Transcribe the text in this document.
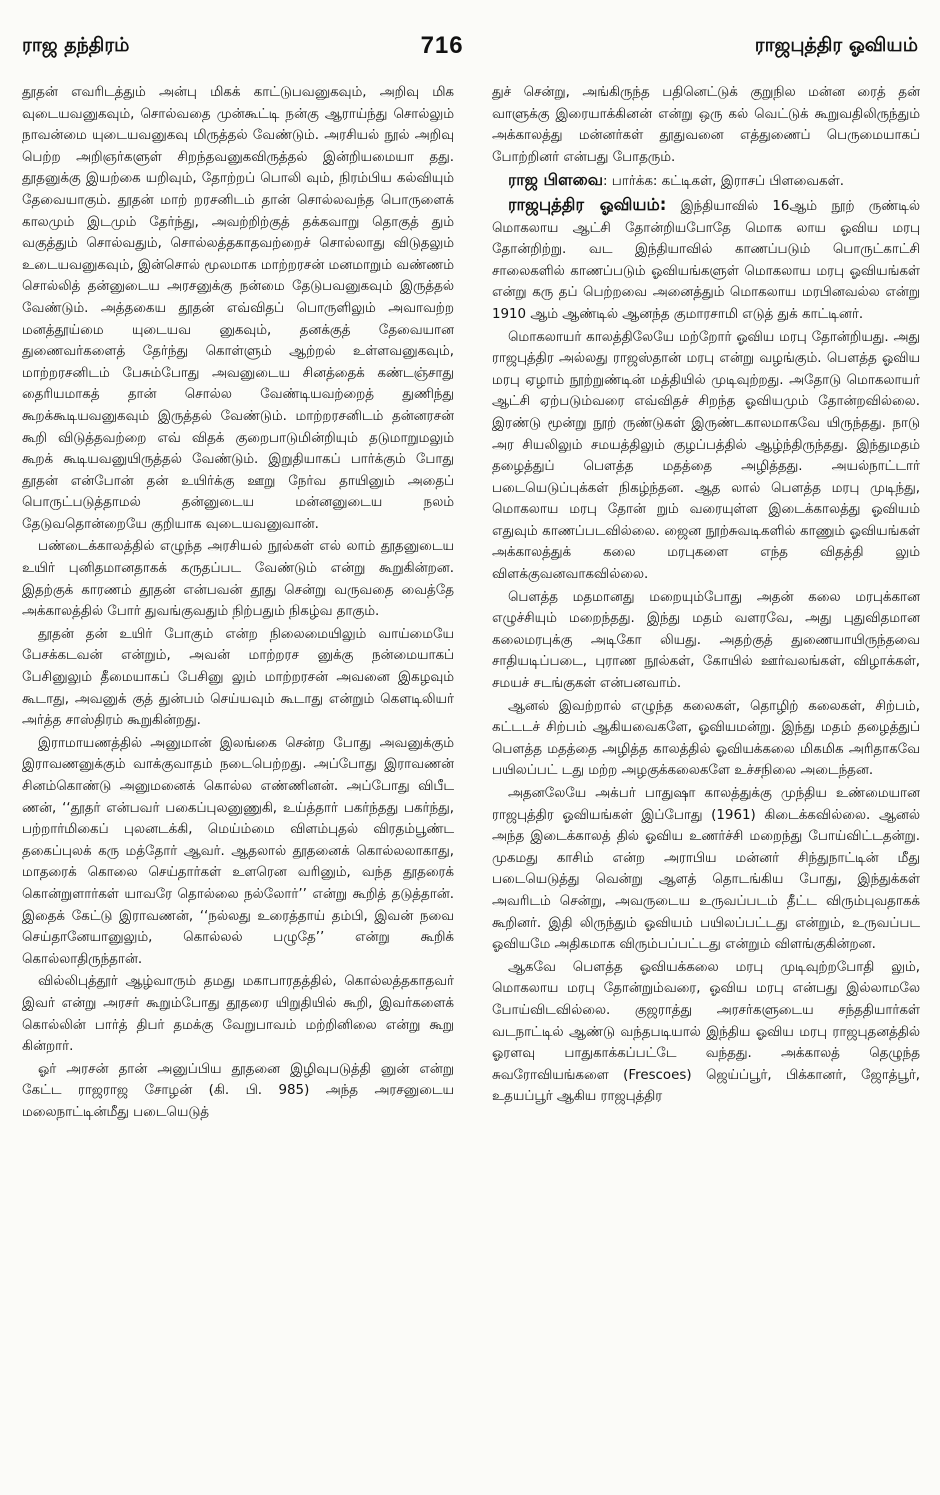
ராஜ தந்திரம்	716	ராஜபுத்திர ஓவியம்

தூதன் எவரிடத்தும் அன்பு மிகக் காட்டுபவனுகவும், அறிவு மிக வுடையவனுகவும், சொல்வதை முன்கூட்டி நன்கு ஆராய்ந்து சொல்லும் நாவன்மை யுடையவனுகவு மிருத்தல் வேண்டும். அரசியல் நூல் அறிவு பெற்ற அறிஞர்களுள் சிறந்தவனுகவிருத்தல் இன்றியமையா தது. தூதனுக்கு இயற்கை யறிவும், தோற்றப் பொலி வும், நிரம்பிய கல்வியும் தேவையாகும். தூதன் மாற் றரசனிடம் தான் சொல்லவந்த பொருளைக் காலமும் இடமும் தேர்ந்து, அவற்றிற்குத் தக்கவாறு தொகுத் தும் வகுத்தும் சொல்வதும், சொல்லத்தகாதவற்றைச் சொல்லாது விடுதலும் உடையவனுகவும், இன்சொல் மூலமாக மாற்றரசன் மனமாறும் வண்ணம் சொல்லித் தன்னுடைய அரசனுக்கு நன்மை தேடுபவனுகவும் இருத்தல் வேண்டும். அத்தகைய தூதன் எவ்விதப் பொருளிலும் அவாவற்ற மனத்தூய்மை யுடையவ னுகவும், தனக்குத் தேவையான துணைவர்களைத் தேர்ந்து கொள்ளும் ஆற்றல் உள்ளவனுகவும், மாற்றரசனிடம் பேசும்போது அவனுடைய சினத்தைக் கண்டஞ்சாது தைரியமாகத் தான் சொல்ல வேண்டியவற்றைத் துணிந்து கூறக்கூடியவனுகவும் இருத்தல் வேண்டும். மாற்றரசனிடம் தன்னரசன் கூறி விடுத்தவற்றை எவ் விதக் குறைபாடுமின்றியும் தடுமாறுமலும் கூறக் கூடியவனுயிருத்தல் வேண்டும். இறுதியாகப் பார்க்கும் போது தூதன் என்போன் தன் உயிர்க்கு ஊறு நேர்வ தாயினும் அதைப் பொருட்படுத்தாமல் தன்னுடைய மன்னனுடைய நலம் தேடுவதொன்றையே குறியாக வுடையவனுவான்.

பண்டைக்காலத்தில் எழுந்த அரசியல் நூல்கள் எல் லாம் தூதனுடைய உயிர் புனிதமானதாகக் கருதப்பட வேண்டும் என்று கூறுகின்றன. இதற்குக் காரணம் தூதன் என்பவன் தூது சென்று வருவதை வைத்தே அக்காலத்தில் போர் துவங்குவதும் நிற்பதும் நிகழ்வ தாகும்.

தூதன் தன் உயிர் போகும் என்ற நிலைமையிலும் வாய்மையே பேசக்கடவன் என்றும், அவன் மாற்றரச னுக்கு நன்மையாகப் பேசினுலும் தீமையாகப் பேசினு லும் மாற்றரசன் அவனை இகழவும் கூடாது, அவனுக் குத் துன்பம் செய்யவும் கூடாது என்றும் கௌடிலியர் அர்த்த சாஸ்திரம் கூறுகின்றது.

இராமாயணத்தில் அனுமான் இலங்கை சென்ற போது அவனுக்கும் இராவணனுக்கும் வாக்குவாதம் நடைபெற்றது. அப்போது இராவணன் சினம்கொண்டு அனுமனைக் கொல்ல எண்ணினன். அப்போது விபீட ணன், ‘‘தூதர் என்பவர் பகைப்புலனுணுகி, உய்த்தார் பகர்ந்தது பகர்ந்து, பற்றார்மிகைப் புலனடக்கி, மெய்ம்மை விளம்புதல் விரதம்பூண்ட தகைப்புலக் கரு மத்தோர் ஆவர். ஆதலால் தூதனைக் கொல்லலாகாது, மாதரைக் கொலை செய்தார்கள் உளரென வரினும், வந்த தூதரைக் கொன்றுளார்கள் யாவரே தொல்லை நல்லோர்’’ என்று கூறித் தடுத்தான். இதைக் கேட்டு இராவணன், ‘‘நல்லது உரைத்தாய் தம்பி, இவன் நவை செய்தானேயானுலும், கொல்லல் பழுதே’’ என்று கூறிக் கொல்லாதிருந்தான்.

வில்லிபுத்தூர் ஆழ்வாரும் தமது மகாபாரதத்தில், கொல்லத்தகாதவர் இவர் என்று அரசர் கூறும்போது தூதரை யிறுதியில் கூறி, இவர்களைக் கொல்லின் பார்த் திபர் தமக்கு வேறுபாவம் மற்றினிலை என்று கூறு கின்றார்.

ஓர் அரசன் தான் அனுப்பிய தூதனை இழிவுபடுத்தி னுன் என்று கேட்ட ராஜராஜ சோழன் (கி. பி. 985) அந்த அரசனுடைய மலைநாட்டின்மீது படையெடுத்

துச் சென்று, அங்கிருந்த பதினெட்டுக் குறுநில மன்ன ரைத் தன் வாளுக்கு இரையாக்கினன் என்று ஒரு கல் வெட்டுக் கூறுவதிலிருந்தும் அக்காலத்து மன்னர்கள் தூதுவனை எத்துணைப் பெருமையாகப் போற்றினர் என்பது போதரும்.

ராஜ பிளவை: பார்க்க: கட்டிகள், இராசப் பிளவைகள்.

ராஜபுத்திர ஓவியம்: இந்தியாவில் 16ஆம் நூற் ருண்டில் மொகலாய ஆட்சி தோன்றியபோதே மொக லாய ஓவிய மரபு தோன்றிற்று. வட இந்தியாவில் காணப்படும் பொருட்காட்சி சாலைகளில் காணப்படும் ஓவியங்களுள் மொகலாய மரபு ஓவியங்கள் என்று கரு தப் பெற்றவை அனைத்தும் மொகலாய மரபினவல்ல என்று 1910 ஆம் ஆண்டில் ஆனந்த குமாரசாமி எடுத் துக் காட்டினர்.

மொகலாயர் காலத்திலேயே மற்றோர் ஓவிய மரபு தோன்றியது. அது ராஜபுத்திர அல்லது ராஜஸ்தான் மரபு என்று வழங்கும். பௌத்த ஓவிய மரபு ஏழாம் நூற்றுண்டின் மத்தியில் முடிவுற்றது. அதோடு மொகலாயர் ஆட்சி ஏற்படும்வரை எவ்விதச் சிறந்த ஓவியமும் தோன்றவில்லை. இரண்டு மூன்று நூற் ருண்டுகள் இருண்டகாலமாகவே யிருந்தது. நாடு அர சியலிலும் சமயத்திலும் குழப்பத்தில் ஆழ்ந்திருந்தது. இந்துமதம் தழைத்துப் பௌத்த மதத்தை அழித்தது. அயல்நாட்டார் படையெடுப்புக்கள் நிகழ்ந்தன. ஆத லால் பௌத்த மரபு முடிந்து, மொகலாய மரபு தோன் றும் வரையுள்ள இடைக்காலத்து ஓவியம் எதுவும் காணப்படவில்லை. ஜைன நூற்சுவடிகளில் காணும் ஓவியங்கள் அக்காலத்துக் கலை மரபுகளை எந்த விதத்தி லும் விளக்குவனவாகவில்லை.

பௌத்த மதமானது மறையும்போது அதன் கலை மரபுக்கான எழுச்சியும் மறைந்தது. இந்து மதம் வளரவே, அது புதுவிதமான கலைமரபுக்கு அடிகோ லியது. அதற்குத் துணையாயிருந்தவை சாதியடிப்படை, புராண நூல்கள், கோயில் ஊர்வலங்கள், விழாக்கள், சமயச் சடங்குகள் என்பனவாம்.

ஆனல் இவற்றால் எழுந்த கலைகள், தொழிற் கலைகள், சிற்பம், கட்டடச் சிற்பம் ஆகியவைகளே, ஓவியமன்று. இந்து மதம் தழைத்துப் பௌத்த மதத்தை அழித்த காலத்தில் ஓவியக்கலை மிகமிக அரிதாகவே பயிலப்பட் டது மற்ற அழகுக்கலைகளே உச்சநிலை அடைந்தன.

அதனலேயே அக்பர் பாதுஷா காலத்துக்கு முந்திய உண்மையான ராஜபுத்திர ஓவியங்கள் இப்போது (1961) கிடைக்கவில்லை. ஆனல் அந்த இடைக்காலத் தில் ஓவிய உணர்ச்சி மறைந்து போய்விட்டதன்று. முகமது காசிம் என்ற அராபிய மன்னர் சிந்துநாட்டின் மீது படையெடுத்து வென்று ஆளத் தொடங்கிய போது, இந்துக்கள் அவரிடம் சென்று, அவருடைய உருவப்படம் தீட்ட விரும்புவதாகக் கூறினர். இதி லிருந்தும் ஓவியம் பயிலப்பட்டது என்றும், உருவப்பட ஓவியமே அதிகமாக விரும்பப்பட்டது என்றும் விளங்குகின்றன.

ஆகவே பௌத்த ஓவியக்கலை மரபு முடிவுற்றபோதி லும், மொகலாய மரபு தோன்றும்வரை, ஓவிய மரபு என்பது இல்லாமலே போய்விடவில்லை. குஜராத்து அரசர்களுடைய சந்ததியார்கள் வடநாட்டில் ஆண்டு வந்தபடியால் இந்திய ஓவிய மரபு ராஜபுதனத்தில் ஓரளவு பாதுகாக்கப்பட்டே வந்தது. அக்காலத் தெழுந்த சுவரோவியங்களை (Frescoes) ஜெய்ப்பூர், பிக்கானர், ஜோத்பூர், உதயப்பூர் ஆகிய ராஜபுத்திர
